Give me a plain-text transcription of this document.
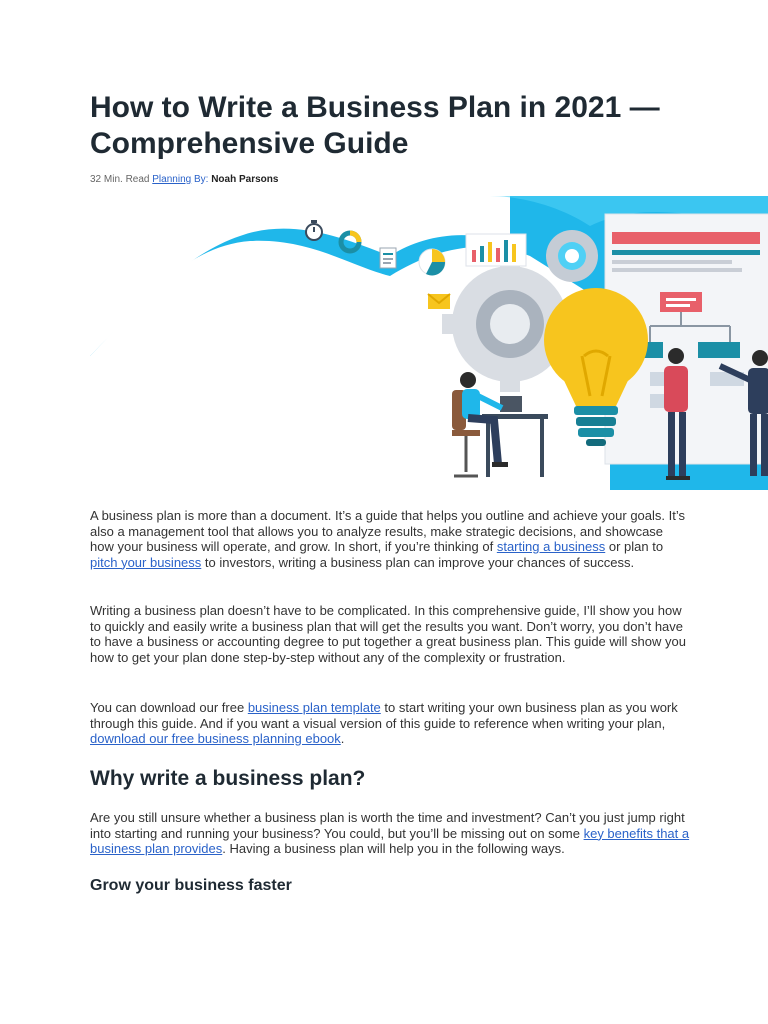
How to Write a Business Plan in 2021 —
Comprehensive Guide
32 Min. Read Planning By: Noah Parsons

A business plan is more than a document. It’s a guide that helps you outline and achieve your goals. It’s also a management tool that allows you to analyze results, make strategic decisions, and showcase how your business will operate, and grow. In short, if you’re thinking of starting a business or plan to pitch your business to investors, writing a business plan can improve your chances of success.

Writing a business plan doesn’t have to be complicated. In this comprehensive guide, I’ll show you how to quickly and easily write a business plan that will get the results you want. Don’t worry, you don’t have to have a business or accounting degree to put together a great business plan. This guide will show you how to get your plan done step-by-step without any of the complexity or frustration.

You can download our free business plan template to start writing your own business plan as you work through this guide. And if you want a visual version of this guide to reference when writing your plan, download our free business planning ebook.

Why write a business plan?

Are you still unsure whether a business plan is worth the time and investment? Can’t you just jump right into starting and running your business? You could, but you’ll be missing out on some key benefits that a business plan provides. Having a business plan will help you in the following ways.

Grow your business faster
